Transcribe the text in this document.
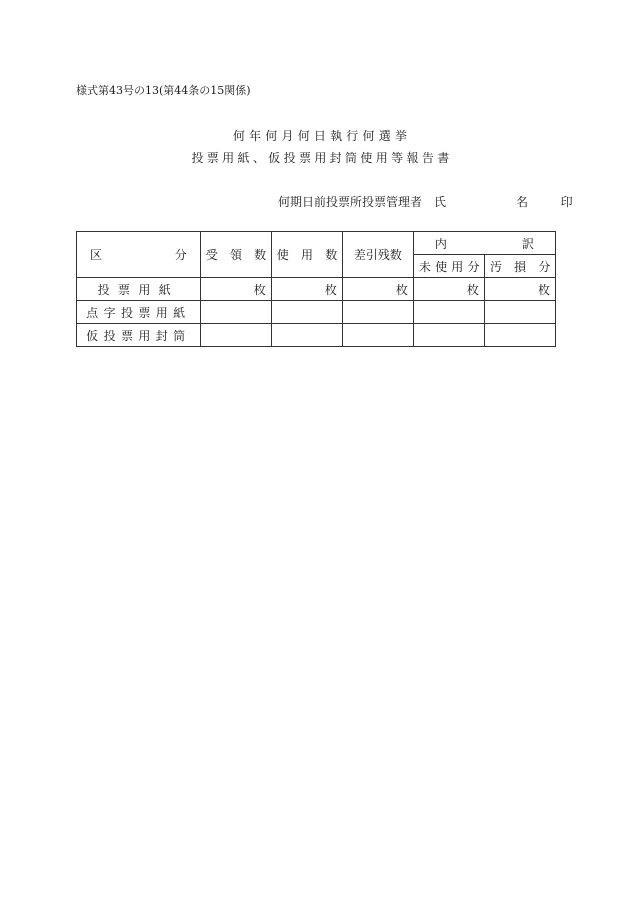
様式第43号の13(第44条の15関係)
何年何月何日執行何選挙
投票用紙、仮投票用封筒使用等報告書
何期日前投票所投票管理者　氏	名 印
区 分	受 領 数	使 用 数	差引残数	内 訳	

				未使用分	汚 損 分
投票用紙	枚	枚	枚	枚	枚
点字投票用紙					
仮投票用封筒					
